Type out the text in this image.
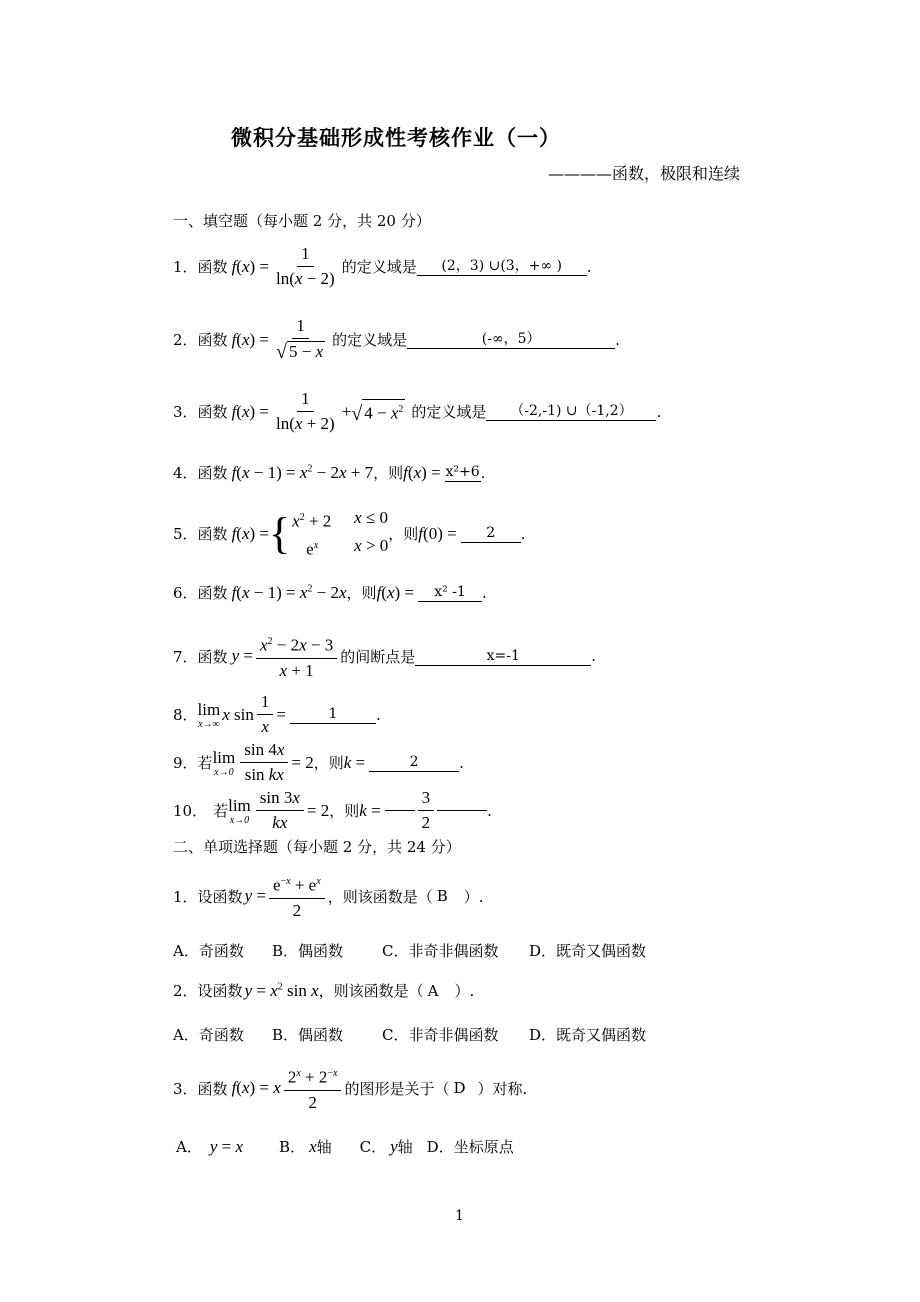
微积分基础形成性考核作业（一）
————函数，极限和连续
一、填空题（每小题 2 分，共 20 分）
1． 函数 f ( x ) = $\frac{1}{\ln(x - 2)}$ 的定义域是	(2，3) ∪(3，+∞ )	.
2． 函数 f ( x ) = $\frac{1}{√ 5 - x}$ 的定义域是	(-∞，5）	.
3． 函数 f ( x ) = $\frac{1}{\ln(x + 2)}$ + √ $4 - x^2$ 的定义域是	（-2,-1) ∪（-1,2）	.
4． 函数 $f(x - 1) = x^2 - 2x + 7$ ，则 f(x) = x²+6 .
5． 函数 f(x) = { $x^2 + 2$	x ≤ 0
$e^x$	x > 0
，则 f(0) =	2	.
6． 函数 $f(x - 1) = x^2 - 2x$ ，则 f(x) =	x² -1	.
7． 函数 $y = \frac{x^2 - 2x - 3}{x + 1}$ 的间断点是	x=-1	.
8． lim
x→∞
x $\sin \frac{1}{x}$ =	1	.
9． 若 lim
$x\to 0 \frac{\sin 4x}{\text{sin kx}} = 2$ ，则 k =	2	.
10． 若 lim
$x\to 0 \frac{\sin 3x}{kx} = 2$ ，则 $k = \frac{3}{2}$	.
二、单项选择题（每小题 2 分，共 24 分）
1． 设函数 $y = \frac{e^{-x} + e^x}{2}$ ，则该函数是（ B ）.
A．奇函数 B．偶函数	C．非奇非偶函数 D．既奇又偶函数
2． 设函数 $y = x^2$ sin x ，则该函数是（ A ）.
A．奇函数 B．偶函数	C．非奇非偶函数 D．既奇又偶函数
3． 函数 f(x) = x $\frac{2^x + 2^{-x}}{2}$ 的图形是关于（ D ）对称.
A． y = x B． x 轴 C． y 轴 D．坐标原点
1
